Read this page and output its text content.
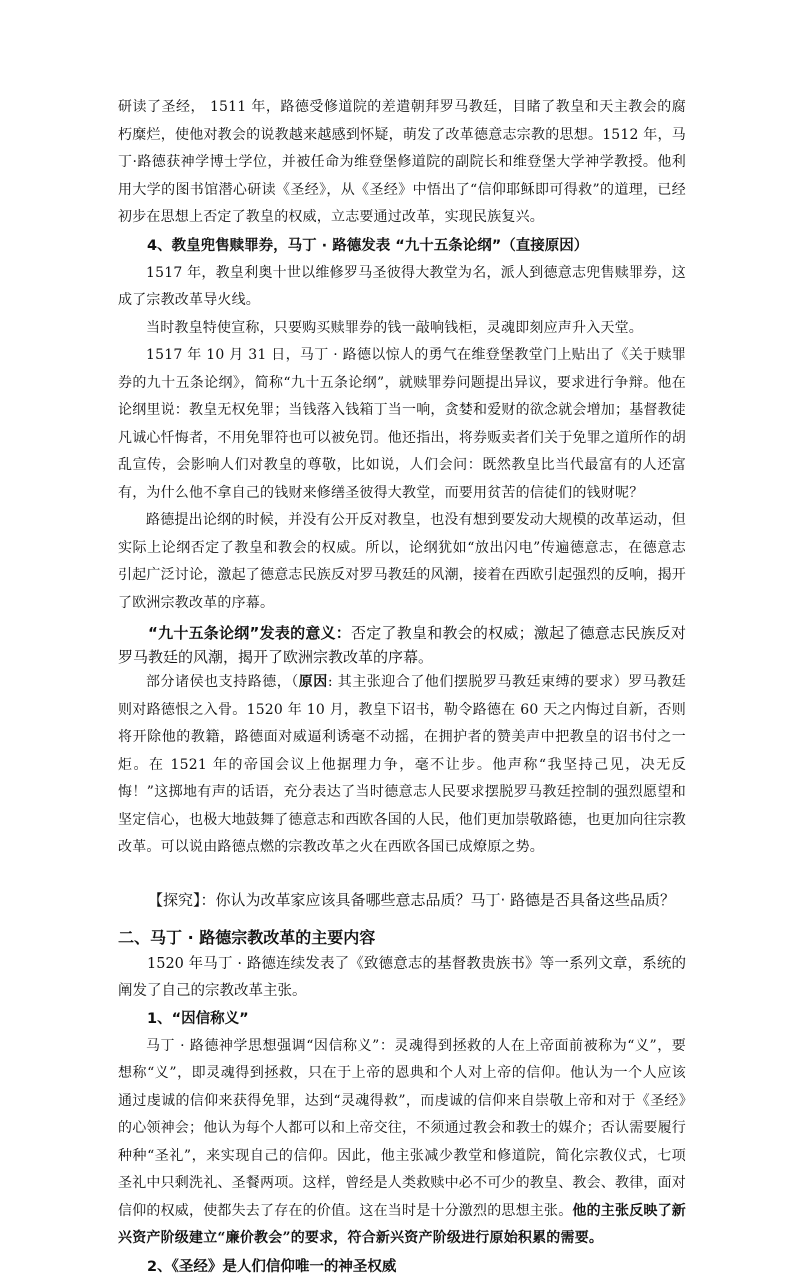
研读了圣经， 1511 年，路德受修道院的差遣朝拜罗马教廷，目睹了教皇和天主教会的腐朽糜烂，使他对教会的说教越来越感到怀疑，萌发了改革德意志宗教的思想。1512 年，马丁·路德获神学博士学位，并被任命为维登堡修道院的副院长和维登堡大学神学教授。他利用大学的图书馆潜心研读《圣经》，从《圣经》中悟出了“信仰耶稣即可得救”的道理，已经初步在思想上否定了教皇的权威，立志要通过改革，实现民族复兴。

4、教皇兜售赎罪券，马丁 · 路德发表 “九十五条论纲”（直接原因）

1517 年，教皇利奥十世以维修罗马圣彼得大教堂为名，派人到德意志兜售赎罪券，这成了宗教改革导火线。

当时教皇特使宣称，只要购买赎罪券的钱一敲响钱柜，灵魂即刻应声升入天堂。

1517 年 10 月 31 日，马丁 · 路德以惊人的勇气在维登堡教堂门上贴出了《关于赎罪券的九十五条论纲》，简称“九十五条论纲”，就赎罪券问题提出异议，要求进行争辩。他在论纲里说：教皇无权免罪；当钱落入钱箱丁当一响，贪婪和爱财的欲念就会增加；基督教徒凡诚心忏悔者，不用免罪符也可以被免罚。他还指出，将券贩卖者们关于免罪之道所作的胡乱宣传，会影响人们对教皇的尊敬，比如说，人们会问：既然教皇比当代最富有的人还富有，为什么他不拿自己的钱财来修缮圣彼得大教堂，而要用贫苦的信徒们的钱财呢？

路德提出论纲的时候，并没有公开反对教皇，也没有想到要发动大规模的改革运动，但实际上论纲否定了教皇和教会的权威。所以，论纲犹如“放出闪电”传遍德意志，在德意志引起广泛讨论，激起了德意志民族反对罗马教廷的风潮，接着在西欧引起强烈的反响，揭开了欧洲宗教改革的序幕。

“九十五条论纲”发表的意义：否定了教皇和教会的权威；激起了德意志民族反对罗马教廷的风潮，揭开了欧洲宗教改革的序幕。

部分诸侯也支持路德，（原因: 其主张迎合了他们摆脱罗马教廷束缚的要求）罗马教廷则对路德恨之入骨。1520 年 10 月，教皇下诏书，勒令路德在 60 天之内悔过自新，否则将开除他的教籍，路德面对威逼利诱毫不动摇，在拥护者的赞美声中把教皇的诏书付之一炬。在 1521 年的帝国会议上他据理力争，毫不让步。他声称“我坚持己见，决无反悔！”这掷地有声的话语，充分表达了当时德意志人民要求摆脱罗马教廷控制的强烈愿望和坚定信心，也极大地鼓舞了德意志和西欧各国的人民，他们更加崇敬路德，也更加向往宗教改革。可以说由路德点燃的宗教改革之火在西欧各国已成燎原之势。

【探究】：你认为改革家应该具备哪些意志品质？马丁· 路德是否具备这些品质？

二、马丁 · 路德宗教改革的主要内容

1520 年马丁 · 路德连续发表了《致德意志的基督教贵族书》等一系列文章，系统的阐发了自己的宗教改革主张。

1、“因信称义”

马丁 · 路德神学思想强调“因信称义”：灵魂得到拯救的人在上帝面前被称为“义”，要想称“义”，即灵魂得到拯救，只在于上帝的恩典和个人对上帝的信仰。他认为一个人应该通过虔诚的信仰来获得免罪，达到“灵魂得救”，而虔诚的信仰来自崇敬上帝和对于《圣经》的心领神会；他认为每个人都可以和上帝交往，不须通过教会和教士的媒介；否认需要履行种种“圣礼”，来实现自己的信仰。因此，他主张减少教堂和修道院，简化宗教仪式，七项圣礼中只剩洗礼、圣餐两项。这样，曾经是人类救赎中必不可少的教皇、教会、教律，面对信仰的权威，使都失去了存在的价值。这在当时是十分激烈的思想主张。他的主张反映了新兴资产阶级建立“廉价教会”的要求，符合新兴资产阶级进行原始积累的需要。

2、《圣经》是人们信仰唯一的神圣权威
